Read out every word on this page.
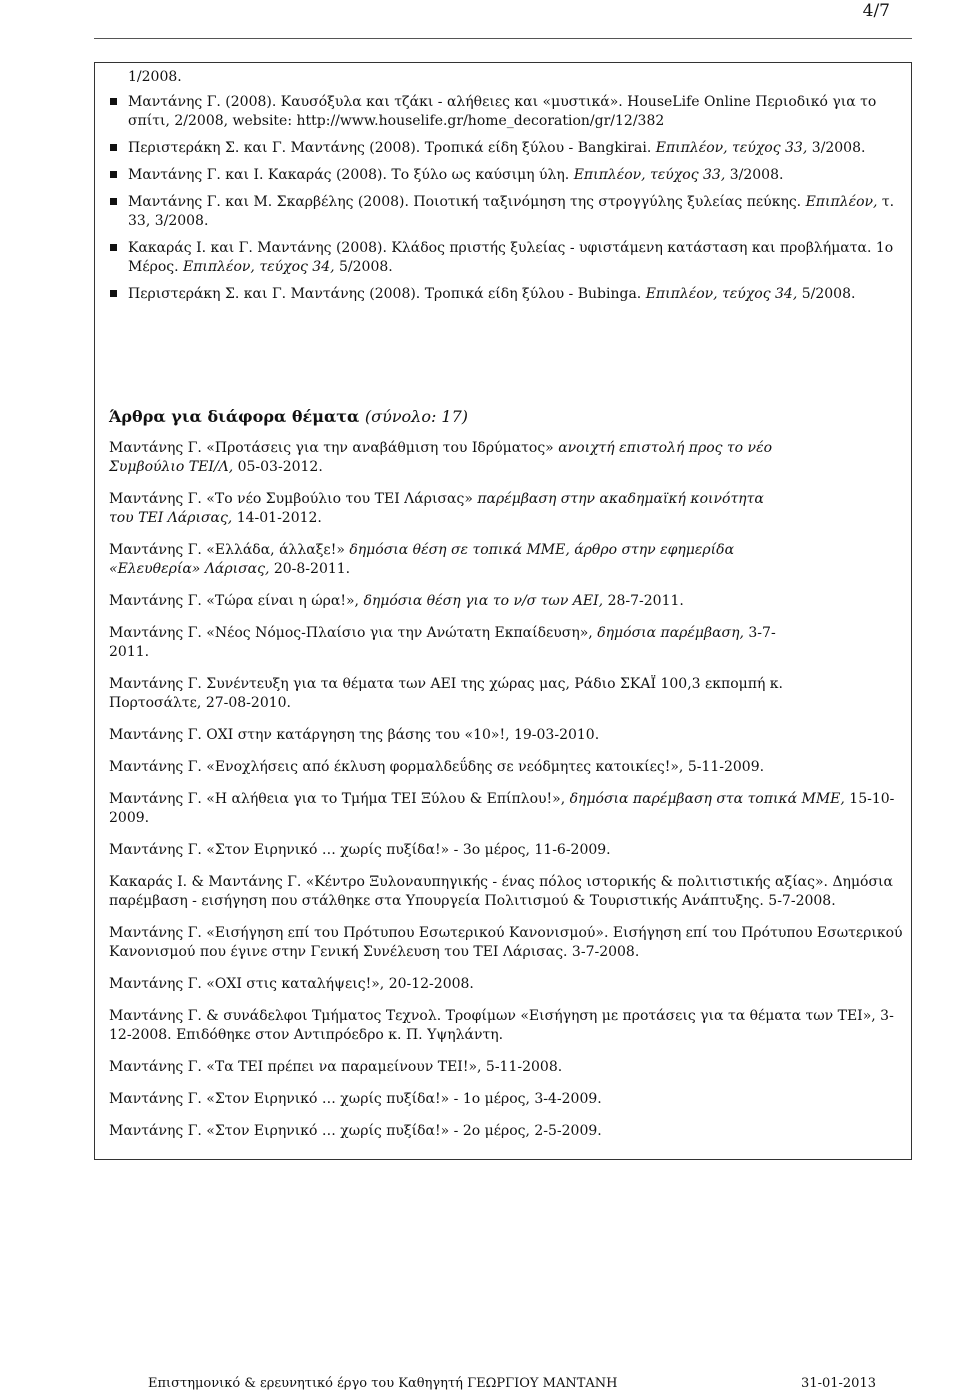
4/7
1/2008.
Μαντάνης Γ. (2008). Καυσόξυλα και τζάκι - αλήθειες και «μυστικά». HouseLife Online Περιοδικό για το σπίτι, 2/2008, website: http://www.houselife.gr/home_decoration/gr/12/382
Περιστεράκη Σ. και Γ. Μαντάνης (2008). Τροπικά είδη ξύλου - Bangkirai. Επιπλέον, τεύχος 33, 3/2008.
Μαντάνης Γ. και Ι. Κακαράς (2008). Το ξύλο ως καύσιμη ύλη. Επιπλέον, τεύχος 33, 3/2008.
Μαντάνης Γ. και Μ. Σκαρβέλης (2008). Ποιοτική ταξινόμηση της στρογγύλης ξυλείας πεύκης. Επιπλέον, τ. 33, 3/2008.
Κακαράς Ι. και Γ. Μαντάνης (2008). Κλάδος πριστής ξυλείας - υφιστάμενη κατάσταση και προβλήματα. 1ο Μέρος. Επιπλέον, τεύχος 34, 5/2008.
Περιστεράκη Σ. και Γ. Μαντάνης (2008). Τροπικά είδη ξύλου - Bubinga. Επιπλέον, τεύχος 34, 5/2008.
Άρθρα για διάφορα θέματα (σύνολο: 17)

Μαντάνης Γ. «Προτάσεις για την αναβάθμιση του Ιδρύματος» ανοιχτή επιστολή προς το νέο Συμβούλιο ΤΕΙ/Λ, 05-03-2012.

Μαντάνης Γ. «Το νέο Συμβούλιο του ΤΕΙ Λάρισας» παρέμβαση στην ακαδημαϊκή κοινότητα του ΤΕΙ Λάρισας, 14-01-2012.

Μαντάνης Γ. «Ελλάδα, άλλαξε!» δημόσια θέση σε τοπικά ΜΜΕ, άρθρο στην εφημερίδα «Ελευθερία» Λάρισας, 20-8-2011.

Μαντάνης Γ. «Τώρα είναι η ώρα!», δημόσια θέση για το ν/σ των ΑΕΙ, 28-7-2011.

Μαντάνης Γ. «Νέος Νόμος-Πλαίσιο για την Ανώτατη Εκπαίδευση», δημόσια παρέμβαση, 3-7-2011.

Μαντάνης Γ. Συνέντευξη για τα θέματα των ΑΕΙ της χώρας μας, Ράδιο ΣΚΑΪ 100,3 εκπομπή κ. Πορτοσάλτε, 27-08-2010.

Μαντάνης Γ. ΟΧΙ στην κατάργηση της βάσης του «10»!, 19-03-2010.

Μαντάνης Γ. «Ενοχλήσεις από έκλυση φορμαλδεΰδης σε νεόδμητες κατοικίες!», 5-11-2009.

Μαντάνης Γ. «Η αλήθεια για το Τμήμα ΤΕΙ Ξύλου & Επίπλου!», δημόσια παρέμβαση στα τοπικά ΜΜΕ, 15-10-2009.

Μαντάνης Γ. «Στον Ειρηνικό … χωρίς πυξίδα!» - 3ο μέρος, 11-6-2009.

Κακαράς Ι. & Μαντάνης Γ. «Κέντρο Ξυλοναυπηγικής - ένας πόλος ιστορικής & πολιτιστικής αξίας». Δημόσια παρέμβαση - εισήγηση που στάλθηκε στα Υπουργεία Πολιτισμού & Τουριστικής Ανάπτυξης. 5-7-2008.

Μαντάνης Γ. «Εισήγηση επί του Πρότυπου Εσωτερικού Κανονισμού». Εισήγηση επί του Πρότυπου Εσωτερικού Κανονισμού που έγινε στην Γενική Συνέλευση του ΤΕΙ Λάρισας. 3-7-2008.

Μαντάνης Γ. «ΟΧΙ στις καταλήψεις!», 20-12-2008.

Μαντάνης Γ. & συνάδελφοι Τμήματος Τεχνολ. Τροφίμων «Εισήγηση με προτάσεις για τα θέματα των ΤΕΙ», 3-12-2008. Επιδόθηκε στον Αντιπρόεδρο κ. Π. Υψηλάντη.

Μαντάνης Γ. «Τα ΤΕΙ πρέπει να παραμείνουν ΤΕΙ!», 5-11-2008.

Μαντάνης Γ. «Στον Ειρηνικό … χωρίς πυξίδα!» - 1ο μέρος, 3-4-2009.

Μαντάνης Γ. «Στον Ειρηνικό … χωρίς πυξίδα!» - 2ο μέρος, 2-5-2009.

Επιστημονικό & ερευνητικό έργο του Καθηγητή ΓΕΩΡΓΙΟΥ ΜΑΝΤΑΝΗ	31-01-2013
